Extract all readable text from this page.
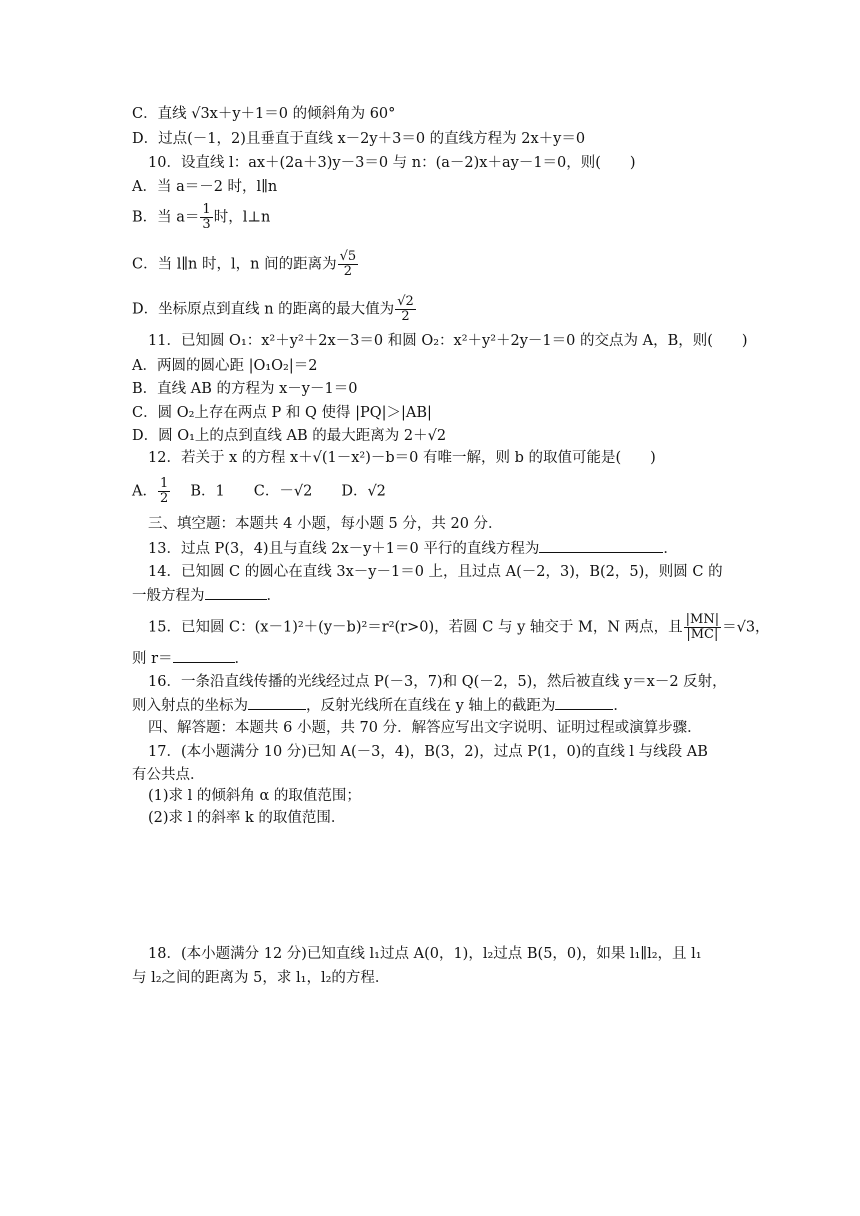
C．直线 √3x＋y＋1＝0 的倾斜角为 60°
D．过点(－1，2)且垂直于直线 x－2y＋3＝0 的直线方程为 2x＋y＝0
10．设直线 l：ax＋(2a＋3)y－3＝0 与 n：(a－2)x＋ay－1＝0，则(　　)
A．当 a＝－2 时，l∥n
B．当 $a= \frac{1}{3}$ 时，l⊥n
C．当 l∥n 时，l，n 间的距离为 $\frac{√5}{2}$
D．坐标原点到直线 n 的距离的最大值为 $\frac{√2}{2}$
11．已知圆 O₁：x²＋y²＋2x－3＝0 和圆 O₂：x²＋y²＋2y－1＝0 的交点为 A，B，则(　　)
A．两圆的圆心距 |O₁O₂|＝2
B．直线 AB 的方程为 x－y－1＝0
C．圆 O₂上存在两点 P 和 Q 使得 |PQ|＞|AB|
D．圆 O₁上的点到直线 AB 的最大距离为 2＋√2
12．若关于 x 的方程 x＋√(1－x²)－b＝0 有唯一解，则 b 的取值可能是(　　)
A． $\frac{1}{2}$ 　 B．1　　C．－√2　　D．√2
三、填空题：本题共 4 小题，每小题 5 分，共 20 分．
13．过点 P(3，4)且与直线 2x－y＋1＝0 平行的直线方程为	．
14．已知圆 C 的圆心在直线 3x－y－1＝0 上，且过点 A(－2，3)，B(2，5)，则圆 C 的
一般方程为	．
15．已知圆 C：(x－1)²＋(y－b)²＝r²(r>0)，若圆 C 与 y 轴交于 M，N 两点，且 $\frac{|MN|}{|MC|} =√3$，
则 r＝	．
16．一条沿直线传播的光线经过点 P(－3，7)和 Q(－2，5)，然后被直线 y＝x－2 反射，
则入射点的坐标为	，反射光线所在直线在 y 轴上的截距为	．
四、解答题：本题共 6 小题，共 70 分．解答应写出文字说明、证明过程或演算步骤．
17．(本小题满分 10 分)已知 A(－3，4)，B(3，2)，过点 P(1，0)的直线 l 与线段 AB
有公共点．
(1)求 l 的倾斜角 α 的取值范围；
(2)求 l 的斜率 k 的取值范围．
18．(本小题满分 12 分)已知直线 l₁过点 A(0，1)，l₂过点 B(5，0)，如果 l₁∥l₂，且 l₁
与 l₂之间的距离为 5，求 l₁，l₂的方程．
